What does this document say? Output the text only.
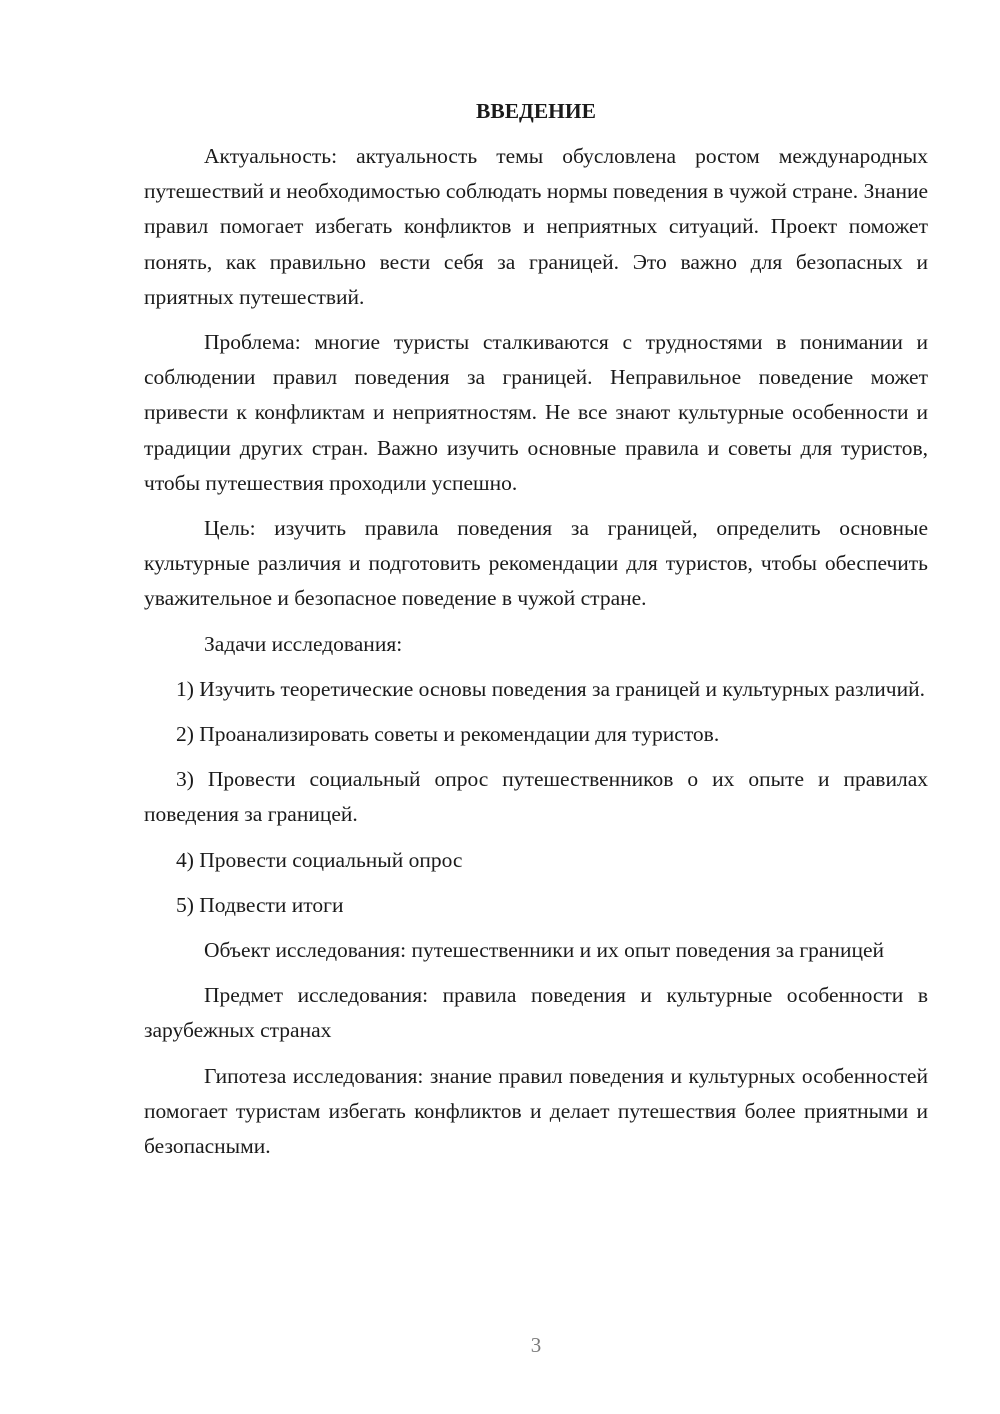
ВВЕДЕНИЕ

Актуальность: актуальность темы обусловлена ростом международных путешествий и необходимостью соблюдать нормы поведения в чужой стране. Знание правил помогает избегать конфликтов и неприятных ситуаций. Проект поможет понять, как правильно вести себя за границей. Это важно для безопасных и приятных путешествий.

Проблема: многие туристы сталкиваются с трудностями в понимании и соблюдении правил поведения за границей. Неправильное поведение может привести к конфликтам и неприятностям. Не все знают культурные особенности и традиции других стран. Важно изучить основные правила и советы для туристов, чтобы путешествия проходили успешно.

Цель: изучить правила поведения за границей, определить основные культурные различия и подготовить рекомендации для туристов, чтобы обеспечить уважительное и безопасное поведение в чужой стране.

Задачи исследования:

1) Изучить теоретические основы поведения за границей и культурных различий.

2) Проанализировать советы и рекомендации для туристов.

3) Провести социальный опрос путешественников о их опыте и правилах поведения за границей.

4) Провести социальный опрос

5) Подвести итоги

Объект исследования: путешественники и их опыт поведения за границей

Предмет исследования: правила поведения и культурные особенности в зарубежных странах

Гипотеза исследования: знание правил поведения и культурных особенностей помогает туристам избегать конфликтов и делает путешествия более приятными и безопасными.

3
